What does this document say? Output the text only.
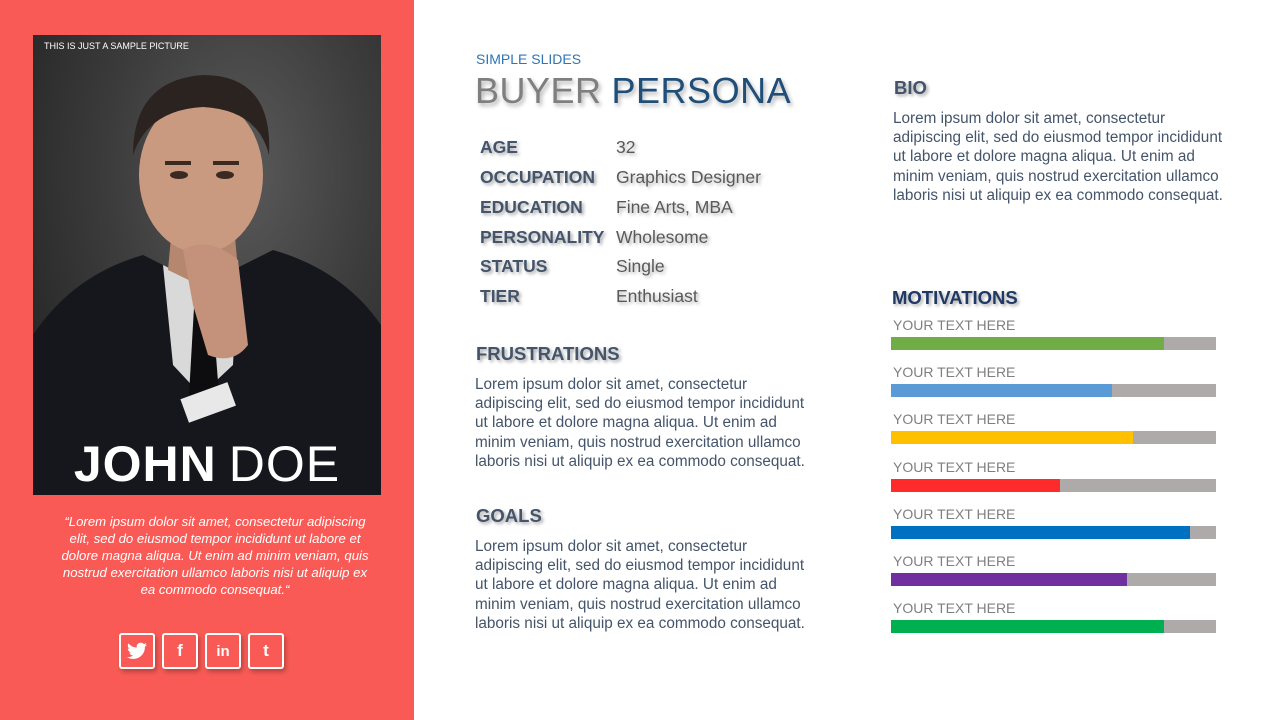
THIS IS JUST A SAMPLE PICTURE
JOHN DOE
“Lorem ipsum dolor sit amet, consectetur adipiscing elit, sed do eiusmod tempor incididunt ut labore et dolore magna aliqua. Ut enim ad minim veniam, quis nostrud exercitation ullamco laboris nisi ut aliquip ex ea commodo consequat.“
f	in	t
SIMPLE SLIDES
BUYER PERSONA
AGE	32
OCCUPATION Graphics Designer
EDUCATION Fine Arts, MBA
PERSONALITY Wholesome
STATUS	Single
TIER	Enthusiast
FRUSTRATIONS
Lorem ipsum dolor sit amet, consectetur adipiscing elit, sed do eiusmod tempor incididunt ut labore et dolore magna aliqua. Ut enim ad minim veniam, quis nostrud exercitation ullamco laboris nisi ut aliquip ex ea commodo consequat.
GOALS
Lorem ipsum dolor sit amet, consectetur adipiscing elit, sed do eiusmod tempor incididunt ut labore et dolore magna aliqua. Ut enim ad minim veniam, quis nostrud exercitation ullamco laboris nisi ut aliquip ex ea commodo consequat.
BIO
Lorem ipsum dolor sit amet, consectetur adipiscing elit, sed do eiusmod tempor incididunt ut labore et dolore magna aliqua. Ut enim ad minim veniam, quis nostrud exercitation ullamco laboris nisi ut aliquip ex ea commodo consequat.
MOTIVATIONS
YOUR TEXT HERE
YOUR TEXT HERE
YOUR TEXT HERE
YOUR TEXT HERE
YOUR TEXT HERE
YOUR TEXT HERE
YOUR TEXT HERE
